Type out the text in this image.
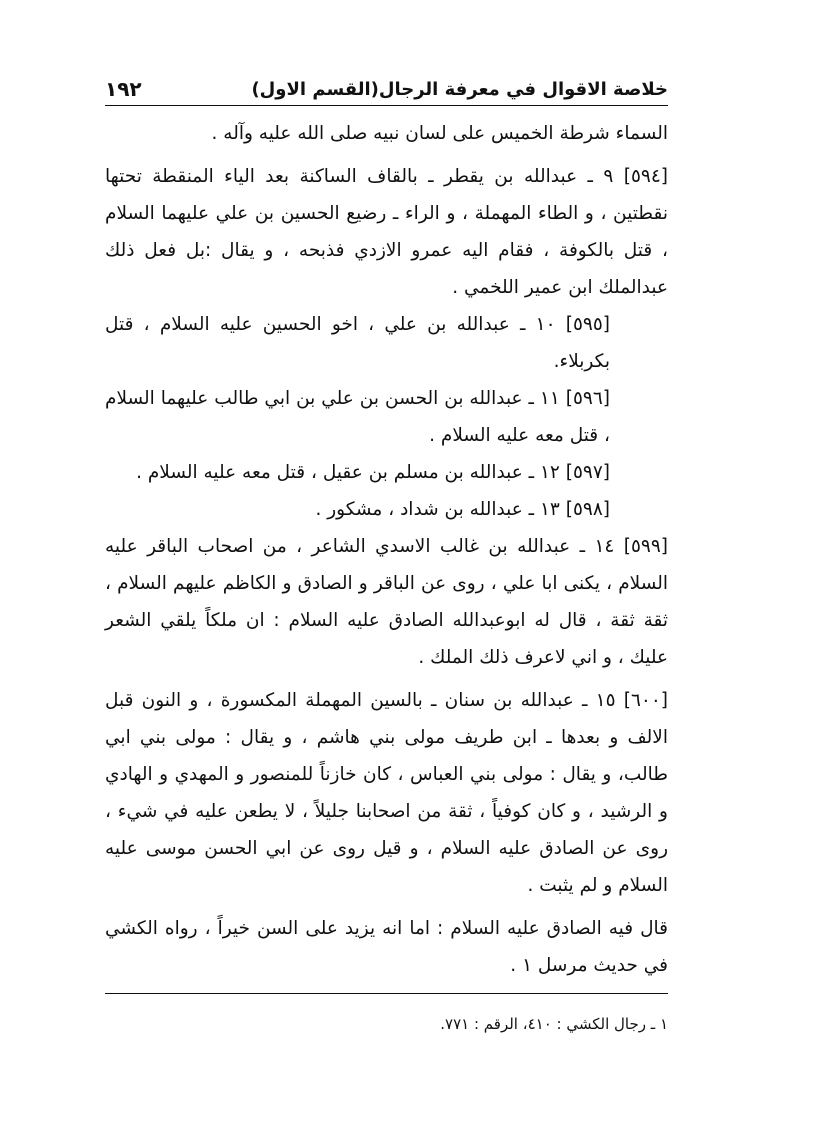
١٩٢	خلاصة الاقوال في معرفة الرجال(القسم الاول)

السماء شرطة الخميس على لسان نبيه صلى الله عليه وآله .

[٥٩٤] ٩ ـ عبدالله بن يقطر ـ بالقاف الساكنة بعد الياء المنقطة تحتها نقطتين ، و الطاء المهملة ، و الراء ـ رضيع الحسين بن علي عليهما السلام ، قتل بالكوفة ، فقام اليه عمرو الازدي فذبحه ، و يقال :بل فعل ذلك عبدالملك ابن عمير اللخمي .

[٥٩٥] ١٠ ـ عبدالله بن علي ، اخو الحسين عليه السلام ، قتل بكربلاء.

[٥٩٦] ١١ ـ عبدالله بن الحسن بن علي بن ابي طالب عليهما السلام ، قتل معه عليه السلام .

[٥٩٧] ١٢ ـ عبدالله بن مسلم بن عقيل ، قتل معه عليه السلام .

[٥٩٨] ١٣ ـ عبدالله بن شداد ، مشكور .

[٥٩٩] ١٤ ـ عبدالله بن غالب الاسدي الشاعر ، من اصحاب الباقر عليه السلام ، يكنى ابا علي ، روى عن الباقر و الصادق و الكاظم عليهم السلام ، ثقة ثقة ، قال له ابوعبدالله الصادق عليه السلام : ان ملكاً يلقي الشعر عليك ، و اني لاعرف ذلك الملك .

[٦٠٠] ١٥ ـ عبدالله بن سنان ـ بالسين المهملة المكسورة ، و النون قبل الالف و بعدها ـ ابن طريف مولى بني هاشم ، و يقال : مولى بني ابي طالب، و يقال : مولى بني العباس ، كان خازناً للمنصور و المهدي و الهادي و الرشيد ، و كان كوفياً ، ثقة من اصحابنا جليلاً ، لا يطعن عليه في شيء ، روى عن الصادق عليه السلام ، و قيل روى عن ابي الحسن موسى عليه السلام و لم يثبت .

قال فيه الصادق عليه السلام : اما انه يزيد على السن خيراً ، رواه الكشي في حديث مرسل ١ .

١ ـ رجال الكشي : ٤١٠، الرقم : ٧٧١.
